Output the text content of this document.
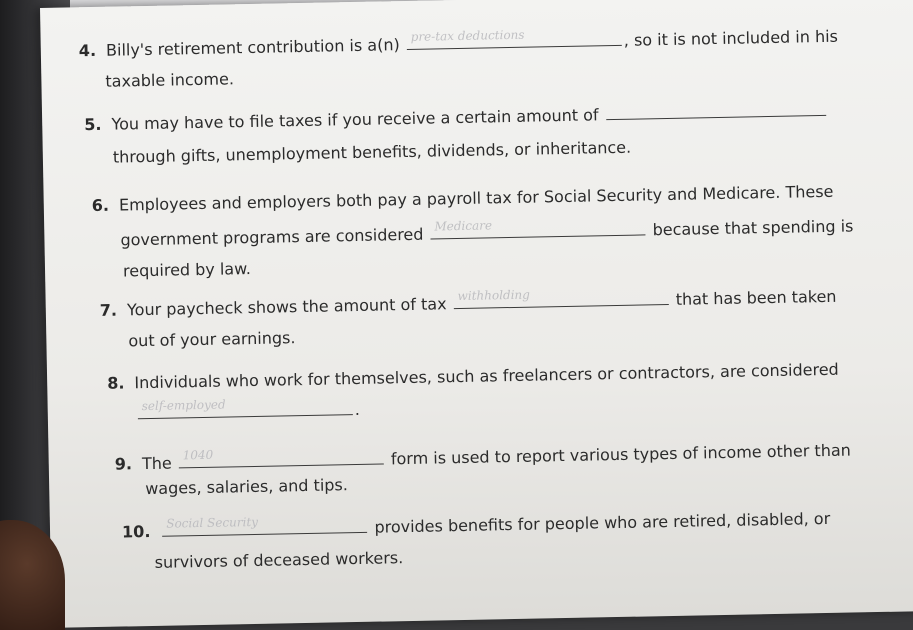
4. Billy's retirement contribution is a(n) pre-tax deductions	, so it is not included in his
taxable income.
5. You may have to file taxes if you receive a certain amount of
through gifts, unemployment benefits, dividends, or inheritance.
6. Employees and employers both pay a payroll tax for Social Security and Medicare. These
government programs are considered Medicare	because that spending is
required by law.
7. Your paycheck shows the amount of tax withholding	that has been taken
out of your earnings.
8. Individuals who work for themselves, such as freelancers or contractors, are considered
self-employed	.
9. The 1040	form is used to report various types of income other than
wages, salaries, and tips.
10. Social Security	provides benefits for people who are retired, disabled, or
survivors of deceased workers.
